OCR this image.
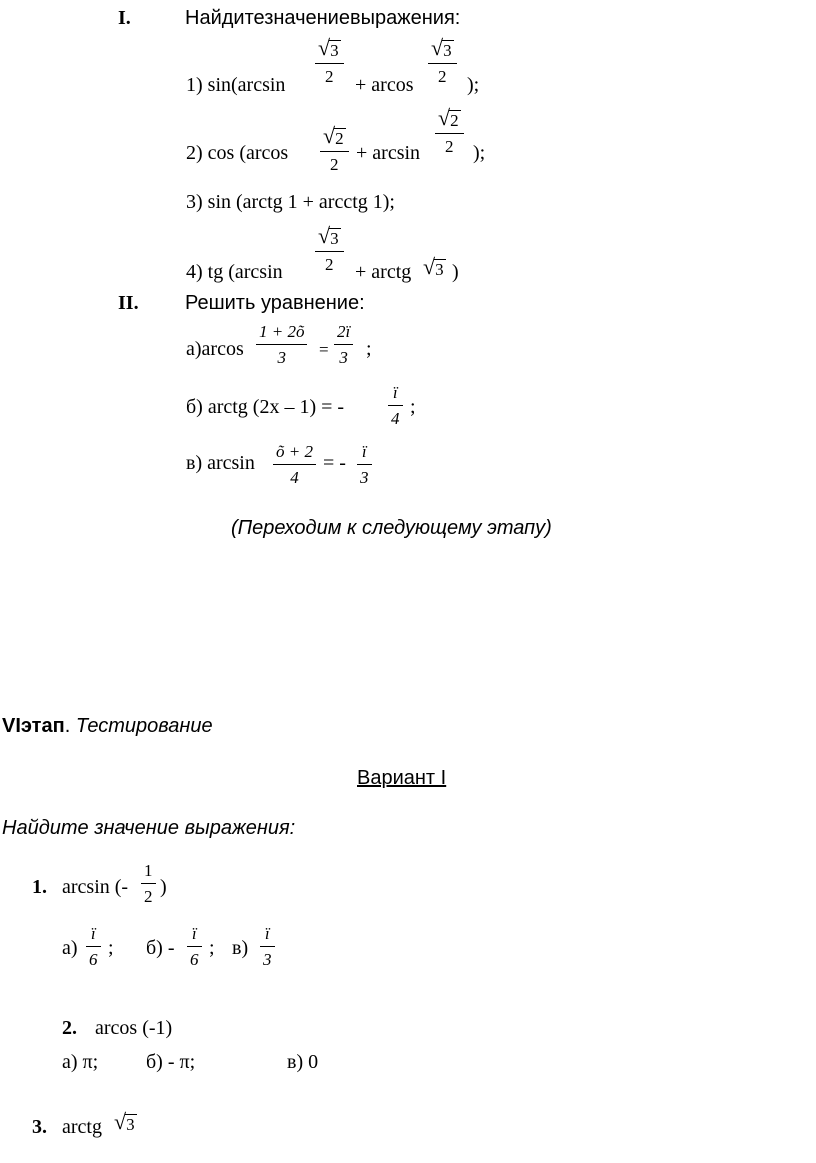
I.	Найдитезначениевыражения:
1) sin(arcsin
√ 3
2 + arcos
√ 3
2 );
2) cos (arcos
√ 2
2
+ arcsin
√ 2
2 );
3) sin (arctg 1 + arcctg 1);
4) tg (arcsin
√ 3
2 + arctg √ 3 )
II. Решить уравнение:
а)arcos
1 + 2õ
3 =
2ï
3 ;
б) arctg (2x – 1) = -
ï
4
;
в) arcsin
õ + 2
4
= -
ï
3
(Переходим к следующему этапу)
VIэтап. Тестирование
Вариант I
Найдите значение выражения:
1. arcsin (-
1
2 )
а)
ï
6
; б) -
ï
6
; в)
ï
3
2. arcos (-1)
а) π; б) - π;	в) 0
3. arctg √ 3
